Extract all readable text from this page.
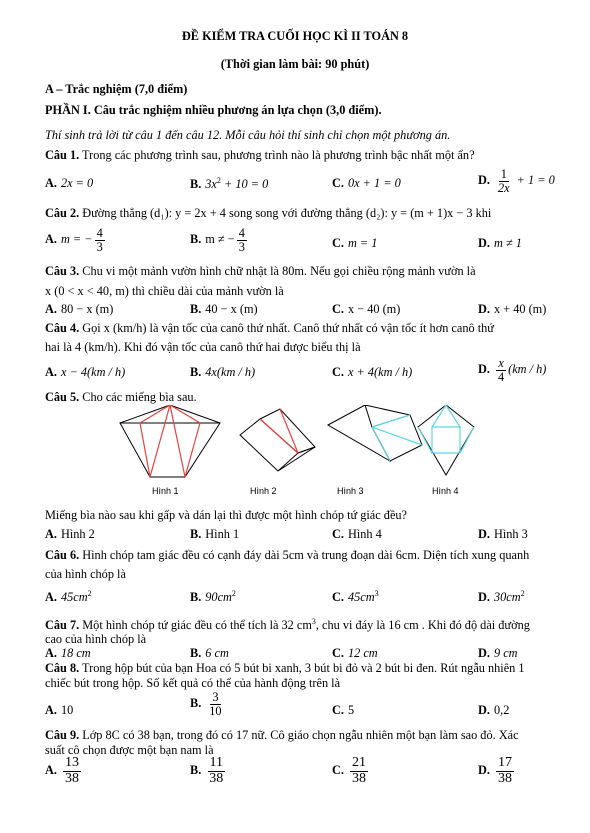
ĐỀ KIỂM TRA CUỐI HỌC KÌ II TOÁN 8
(Thời gian làm bài: 90 phút)
A – Trắc nghiệm (7,0 điểm)
PHẦN I. Câu trắc nghiệm nhiều phương án lựa chọn (3,0 điểm).
Thí sinh trả lời từ câu 1 đến câu 12. Mỗi câu hỏi thí sinh chỉ chọn một phương án.
Câu 1. Trong các phương trình sau, phương trình nào là phương trình bậc nhất một ẩn?
A. 2x = 0	B. $3x^2 + 10 = 0$	C. 0x + 1 = 0	D. $\frac{1}{2x} + 1 = 0$
Câu 2. Đường thẳng (d₁): y = 2x + 4 song song với đường thẳng (d₂): y = (m + 1)x − 3 khi
A. m = − $\frac{4}{3}$	B. m ≠ − $\frac{4}{3}$	C. m = 1	D. m ≠ 1
Câu 3. Chu vi một mảnh vườn hình chữ nhật là 80m. Nếu gọi chiều rộng mảnh vườn là
x (0 < x < 40, m) thì chiều dài của mảnh vườn là
A. 80 − x (m)	B. 40 − x (m)	C. x − 40 (m)	D. x + 40 (m)
Câu 4. Gọi x (km/h) là vận tốc của canô thứ nhất. Canô thứ nhất có vận tốc ít hơn canô thứ
hai là 4 (km/h). Khi đó vận tốc của canô thứ hai được biểu thị là
A. x − 4(km / h)	B. 4x(km / h)	C. x + 4(km / h)	D. $\frac{x}{4} (km / h)$
Câu 5. Cho các miếng bìa sau.
Hình 1	Hình 2	Hình 3	Hình 4
Miếng bìa nào sau khi gấp và dán lại thì được một hình chóp tứ giác đều?
A. Hình 2	B. Hình 1	C. Hình 4	D. Hình 3
Câu 6. Hình chóp tam giác đều có cạnh đáy dài 5cm và trung đoạn dài 6cm. Diện tích xung quanh
của hình chóp là
A. $45cm^2$	B. $90cm^2$	C. $45cm^3$	D. $30cm^2$
Câu 7. Một hình chóp tứ giác đều có thể tích là 32 $cm^3$, chu vi đáy là 16 cm . Khi đó độ dài đường
cao của hình chóp là
A. 18 cm	B. 6 cm	C. 12 cm	D. 9 cm
Câu 8. Trong hộp bút của bạn Hoa có 5 bút bi xanh, 3 bút bi đỏ và 2 bút bi đen. Rút ngẫu nhiên 1
chiếc bút trong hộp. Số kết quả có thể của hành động trên là
A. 10	B. $\frac{3}{10}$	C. 5	D. 0,2
Câu 9. Lớp 8C có 38 bạn, trong đó có 17 nữ. Cô giáo chọn ngẫu nhiên một bạn làm sao đỏ. Xác
suất cô chọn được một bạn nam là
A. $\frac{13}{38}$	B. $\frac{11}{38}$	C. $\frac{21}{38}$	D. $\frac{17}{38}$
